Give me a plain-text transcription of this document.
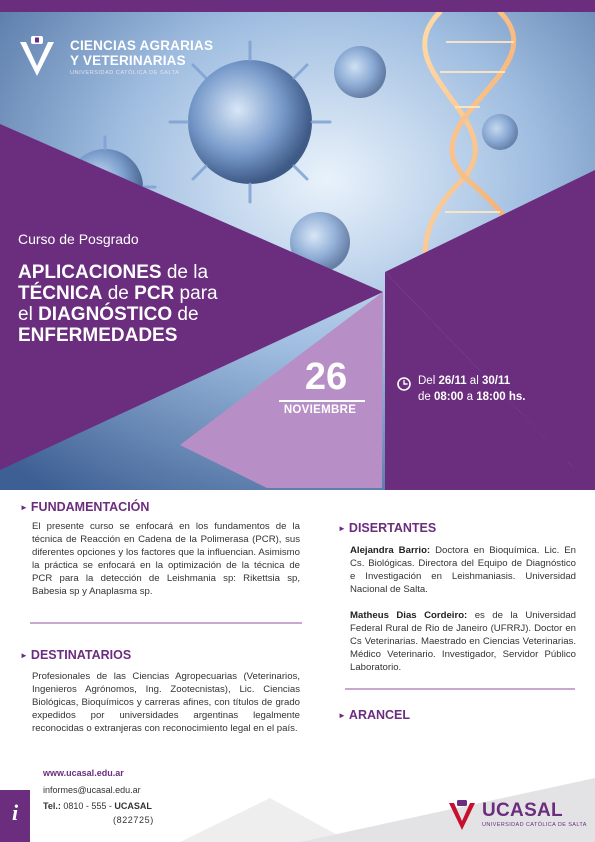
CIENCIAS AGRARIAS
Y VETERINARIAS
UNIVERSIDAD CATÓLICA DE SALTA
Curso de Posgrado
APLICACIONES de la
TÉCNICA de PCR para
el DIAGNÓSTICO de
ENFERMEDADES
26
NOVIEMBRE
Del 26/11 al 30/11
de 08:00 a 18:00 hs.
► FUNDAMENTACIÓN
El presente curso se enfocará en los fundamentos de la técnica de Reacción en Cadena de la Polimerasa (PCR), sus diferentes opciones y los factores que la influencian. Asimismo la práctica se enfocará en la optimización de la técnica de PCR para la detección de Leishmania sp: Rikettsia sp, Babesia sp y Anaplasma sp.
► DESTINATARIOS
Profesionales de las Ciencias Agropecuarias (Veterinarios, Ingenieros Agrónomos, Ing. Zootecnistas), Lic. Ciencias Biológicas, Bioquímicos y carreras afines, con títulos de grado expedidos por universidades argentinas legalmente reconocidas o extranjeras con reconocimiento legal en el país.
► DISERTANTES
Alejandra Barrio: Doctora en Bioquímica. Lic. En Cs. Biológicas. Directora del Equipo de Diagnóstico e Investigación en Leishmaniasis. Universidad Nacional de Salta.
Matheus Dias Cordeiro: es de la Universidad Federal Rural de Rio de Janeiro (UFRRJ). Doctor en Cs Veterinarias. Maestrado en Ciencias Veterinarias. Médico Veterinario. Investigador, Servidor Público Laboratorio.
► ARANCEL
i
www.ucasal.edu.ar
informes@ucasal.edu.ar
Tel.: 0810 - 555 - UCASAL
(822725)	UCASAL
UNIVERSIDAD CATÓLICA DE SALTA
